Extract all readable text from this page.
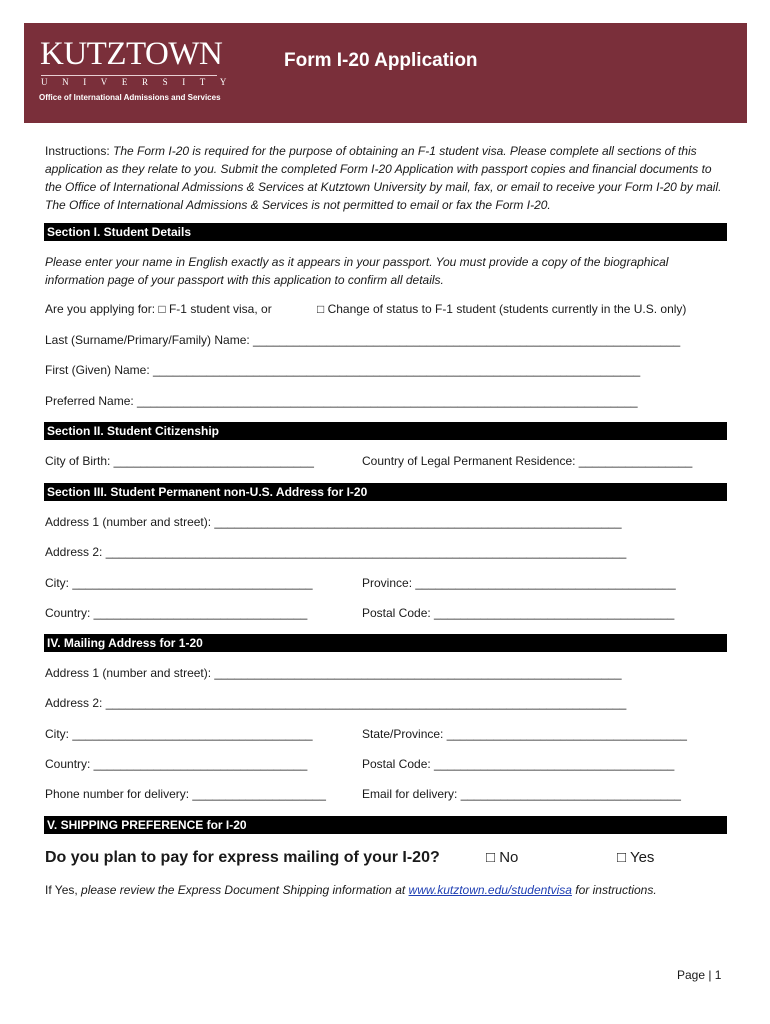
KUTZTOWN
UNIVERSITY
Office of International Admissions and Services
Form I-20 Application
Instructions: The Form I-20 is required for the purpose of obtaining an F-1 student visa. Please complete all sections of this application as they relate to you. Submit the completed Form I-20 Application with passport copies and financial documents to the Office of International Admissions & Services at Kutztown University by mail, fax, or email to receive your Form I-20 by mail. The Office of International Admissions & Services is not permitted to email or fax the Form I-20.
Section I. Student Details
Please enter your name in English exactly as it appears in your passport. You must provide a copy of the biographical
information page of your passport with this application to confirm all details.
Are you applying for: □ F-1 student visa, or	□ Change of status to F-1 student (students currently in the U.S. only)
Last (Surname/Primary/Family) Name: ________________________________________________________________
First (Given) Name: _________________________________________________________________________
Preferred Name: ___________________________________________________________________________
Section II. Student Citizenship
City of Birth: ______________________________	Country of Legal Permanent Residence: _________________
Section III. Student Permanent non-U.S. Address for I-20
Address 1 (number and street): _____________________________________________________________
Address 2: ______________________________________________________________________________
City: ____________________________________	Province: _______________________________________
Country: ________________________________	Postal Code: ____________________________________
IV. Mailing Address for 1-20
Address 1 (number and street): _____________________________________________________________
Address 2: ______________________________________________________________________________
City: ____________________________________	State/Province: ____________________________________
Country: ________________________________	Postal Code: ____________________________________
Phone number for delivery: ____________________	Email for delivery: _________________________________
V. SHIPPING PREFERENCE for I-20
Do you plan to pay for express mailing of your I-20?	□ No	□ Yes
If Yes, please review the Express Document Shipping information at www.kutztown.edu/studentvisa for instructions.
Page | 1
